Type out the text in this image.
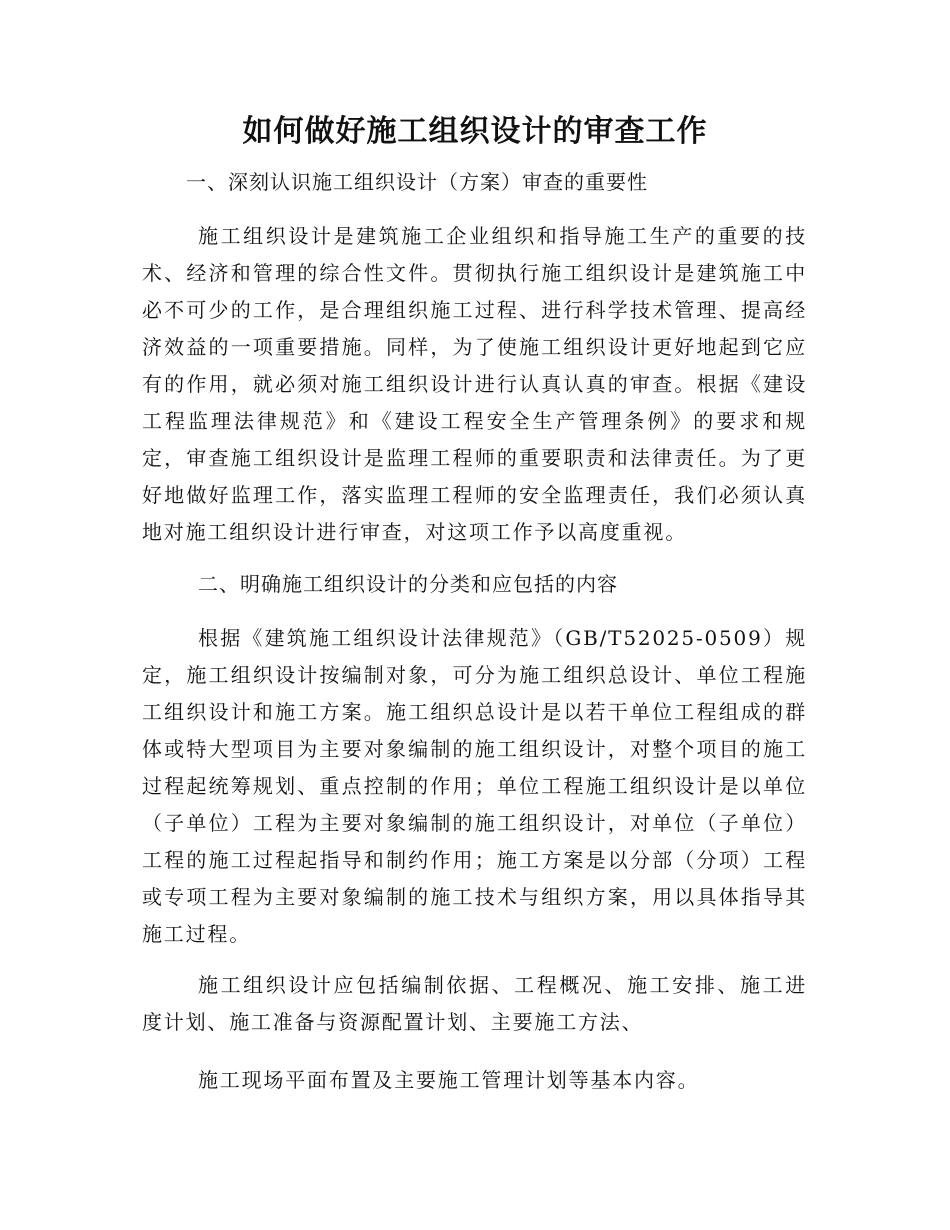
如何做好施工组织设计的审查工作

一、深刻认识施工组织设计（方案）审查的重要性

施工组织设计是建筑施工企业组织和指导施工生产的重要的技术、经济和管理的综合性文件。贯彻执行施工组织设计是建筑施工中必不可少的工作，是合理组织施工过程、进行科学技术管理、提高经济效益的一项重要措施。同样，为了使施工组织设计更好地起到它应有的作用，就必须对施工组织设计进行认真认真的审查。根据《建设工程监理法律规范》和《建设工程安全生产管理条例》的要求和规定，审查施工组织设计是监理工程师的重要职责和法律责任。为了更好地做好监理工作，落实监理工程师的安全监理责任，我们必须认真地对施工组织设计进行审查，对这项工作予以高度重视。

二、明确施工组织设计的分类和应包括的内容

根据《建筑施工组织设计法律规范》（GB/T52025-0509）规定，施工组织设计按编制对象，可分为施工组织总设计、单位工程施工组织设计和施工方案。施工组织总设计是以若干单位工程组成的群体或特大型项目为主要对象编制的施工组织设计，对整个项目的施工过程起统筹规划、重点控制的作用；单位工程施工组织设计是以单位（子单位）工程为主要对象编制的施工组织设计，对单位（子单位）工程的施工过程起指导和制约作用；施工方案是以分部（分项）工程或专项工程为主要对象编制的施工技术与组织方案，用以具体指导其施工过程。

施工组织设计应包括编制依据、工程概况、施工安排、施工进度计划、施工准备与资源配置计划、主要施工方法、

施工现场平面布置及主要施工管理计划等基本内容。
